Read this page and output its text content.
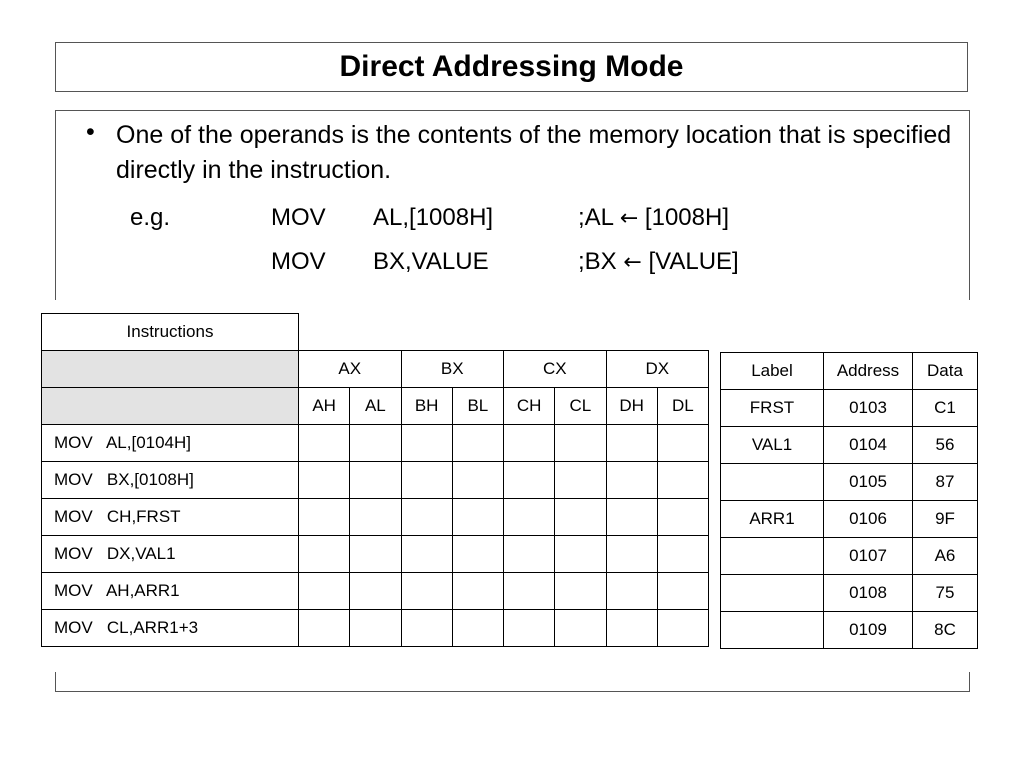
Direct Addressing Mode
• One of the operands is the contents of the memory location that is specified directly in the instruction.
e.g.	MOV AL,[1008H]	;AL ← [1008H]
MOV BX,VALUE	;BX ← [VALUE]
Instructions								
	AX		BX		CX		DX	
	AH	AL	BH	BL	CH	CL	DH	DL
MOV   AL,[0104H]								
MOV   BX,[0108H]								
MOV   CH,FRST								
MOV   DX,VAL1								
MOV   AH,ARR1								
MOV   CL,ARR1+3								
Label	Address	Data
FRST	0103	C1
VAL1	0104	56
	0105	87
ARR1	0106	9F
	0107	A6
	0108	75
	0109	8C
